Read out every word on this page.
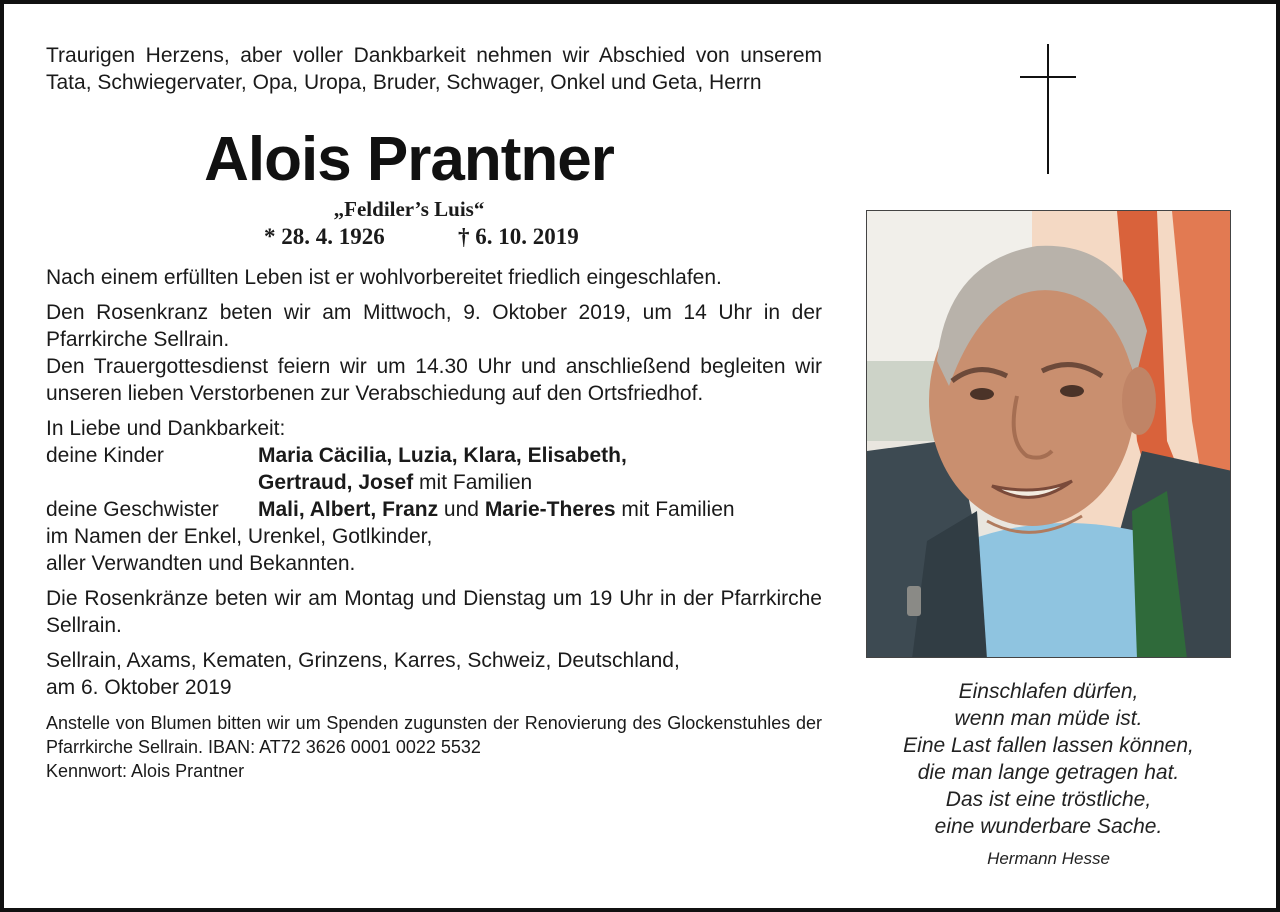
Traurigen Herzens, aber voller Dankbarkeit nehmen wir Abschied von unserem Tata, Schwiegervater, Opa, Uropa, Bruder, Schwager, Onkel und Geta, Herrn

Alois Prantner

„Feldiler’s Luis“

* 28. 4. 1926	† 6. 10. 2019

Nach einem erfüllten Leben ist er wohlvorbereitet friedlich eingeschlafen.

Den Rosenkranz beten wir am Mittwoch, 9. Oktober 2019, um 14 Uhr in der Pfarrkirche Sellrain.

Den Trauergottesdienst feiern wir um 14.30 Uhr und anschließend begleiten wir unseren lieben Verstorbenen zur Verabschiedung auf den Ortsfriedhof.

In Liebe und Dankbarkeit:

deine Kinder	Maria Cäcilia, Luzia, Klara, Elisabeth,
Gertraud, Josef mit Familien
deine Geschwister Mali, Albert, Franz und Marie-Theres mit Familien

im Namen der Enkel, Urenkel, Gotlkinder,

aller Verwandten und Bekannten.

Die Rosenkränze beten wir am Montag und Dienstag um 19 Uhr in der Pfarrkirche Sellrain.

Sellrain, Axams, Kematen, Grinzens, Karres, Schweiz, Deutschland,

am 6. Oktober 2019

Anstelle von Blumen bitten wir um Spenden zugunsten der Renovierung des Glockenstuhles der Pfarrkirche Sellrain. IBAN: AT72 3626 0001 0022 5532

Kennwort: Alois Prantner

Einschlafen dürfen,

wenn man müde ist.

Eine Last fallen lassen können,

die man lange getragen hat.

Das ist eine tröstliche,

eine wunderbare Sache.

Hermann Hesse
